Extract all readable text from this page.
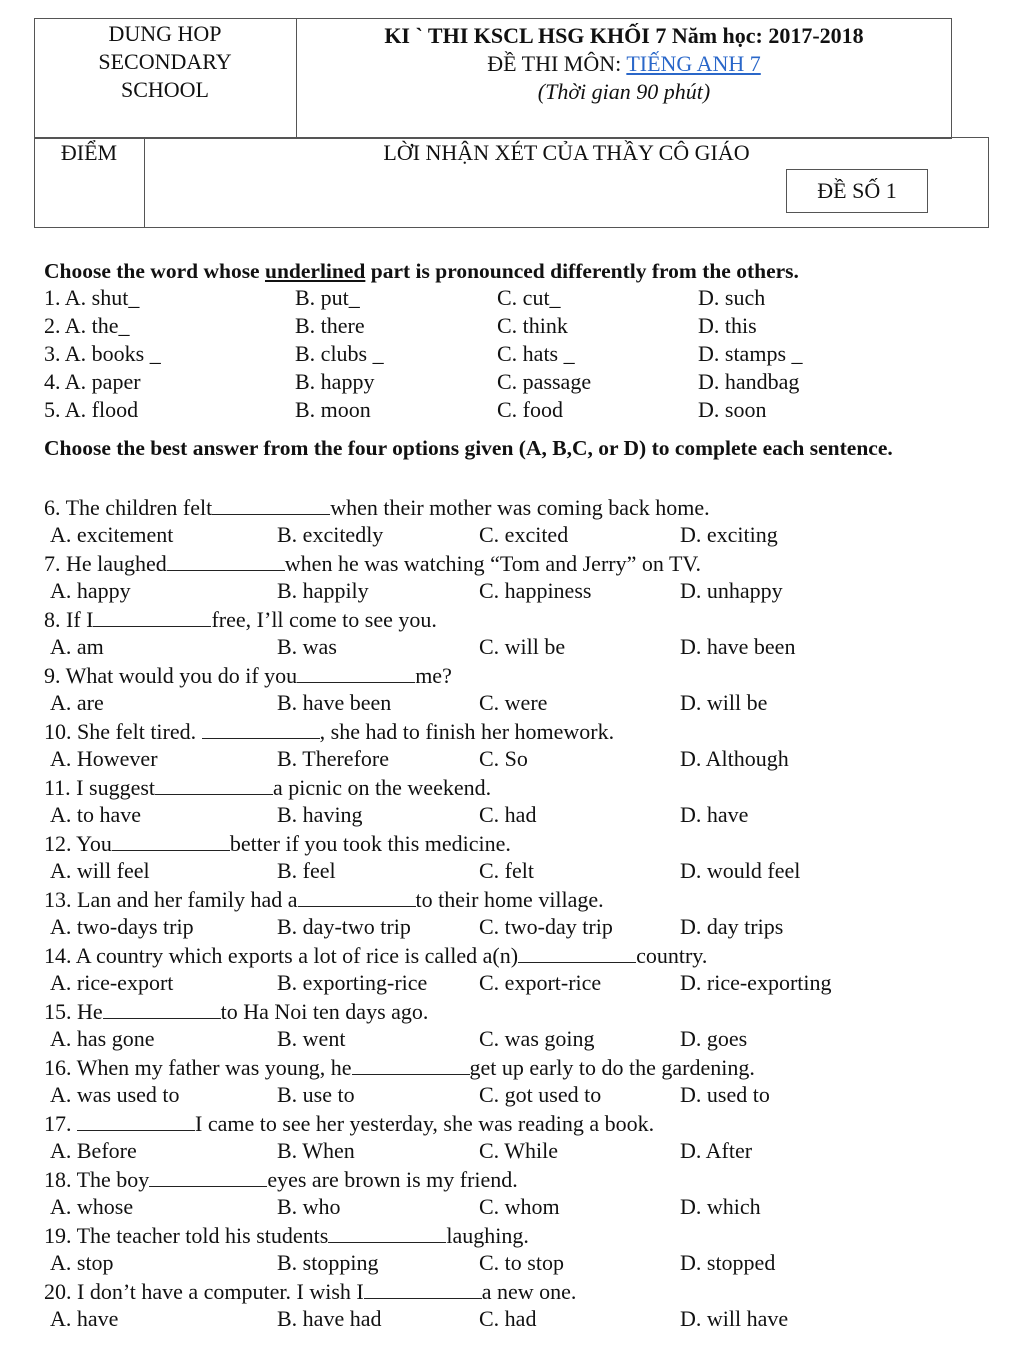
DUNG HOP
SECONDARY
SCHOOL
KI ` THI KSCL HSG KHỐI 7 Năm học: 2017-2018
ĐỀ THI MÔN: TIẾNG ANH 7
(Thời gian 90 phút)
ĐIỂM	LỜI NHẬN XÉT CỦA THẦY CÔ GIÁO
ĐỀ SỐ 1
Choose the word whose underlined part is pronounced differently from the others.
1. A. shut_	B. put_	C. cut_	D. such
2. A. the_	B. there	C. think	D. this
3. A. books _	B. clubs _	C. hats _	D. stamps _
4. A. paper	B. happy	C. passage	D. handbag
5. A. flood	B. moon	C. food	D. soon
Choose the best answer from the four options given (A, B,C, or D) to complete each sentence.
6. The children felt	when their mother was coming back home.
A. excitement	B. excitedly	C. excited	D. exciting
7. He laughed	when he was watching “Tom and Jerry” on TV.
A. happy	B. happily	C. happiness	D. unhappy
8. If I	free, I’ll come to see you.
A. am	B. was	C. will be	D. have been
9. What would you do if you	me?
A. are	B. have been	C. were	D. will be
10. She felt tired.	, she had to finish her homework.
A. However	B. Therefore	C. So	D. Although
11. I suggest	a picnic on the weekend.
A. to have	B. having	C. had	D. have
12. You	better if you took this medicine.
A. will feel	B. feel	C. felt	D. would feel
13. Lan and her family had a	to their home village.
A. two-days trip	B. day-two trip	C. two-day trip	D. day trips
14. A country which exports a lot of rice is called a(n)	country.
A. rice-export	B. exporting-rice C. export-rice	D. rice-exporting
15. He	to Ha Noi ten days ago.
A. has gone	B. went	C. was going	D. goes
16. When my father was young, he	get up early to do the gardening.
A. was used to	B. use to	C. got used to	D. used to
17.	I came to see her yesterday, she was reading a book.
A. Before	B. When	C. While	D. After
18. The boy	eyes are brown is my friend.
A. whose	B. who	C. whom	D. which
19. The teacher told his students	laughing.
A. stop	B. stopping	C. to stop	D. stopped
20. I don’t have a computer. I wish I	a new one.
A. have	B. have had	C. had	D. will have
